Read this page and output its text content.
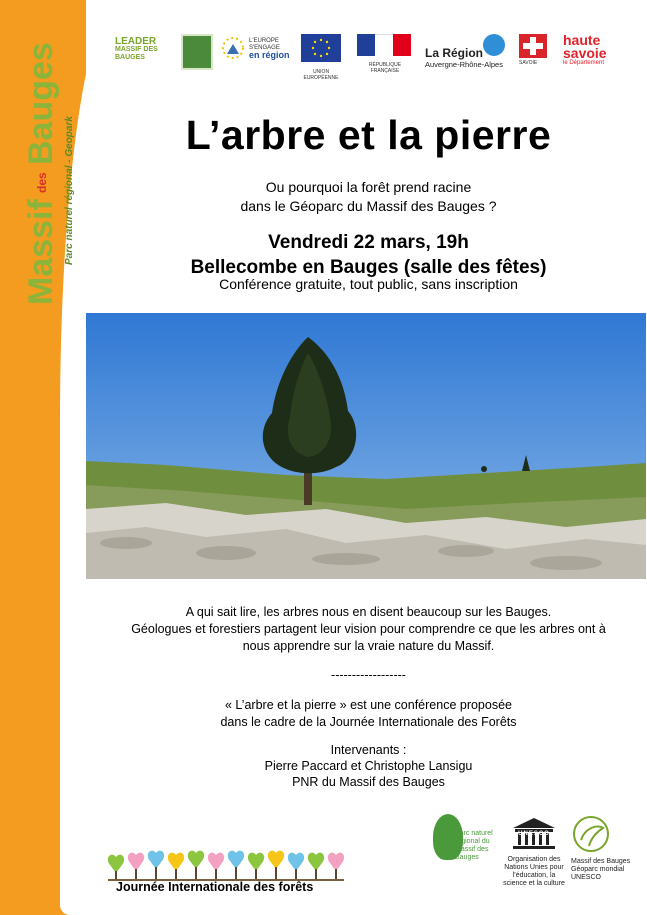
Massif
des
Bauges
Parc naturel régional - Geopark
LEADER
MASSIF DES
BAUGES
L'EUROPE S'ENGAGE
en région
UNION EUROPÉENNE
RÉPUBLIQUE FRANÇAISE
La Région
Auvergne-Rhône-Alpes	SAVOIE
haute
savoie
le Département
L’arbre et la pierre
Ou pourquoi la forêt prend racine
dans le Géoparc du Massif des Bauges ?
Vendredi 22 mars, 19h
Bellecombe en Bauges (salle des fêtes)
Conférence gratuite, tout public, sans inscription
A qui sait lire, les arbres nous en disent beaucoup sur les Bauges.
Géologues et forestiers partagent leur vision pour comprendre ce que les arbres ont à
nous apprendre sur la vraie nature du Massif.
------------------
« L’arbre et la pierre » est une conférence proposée
dans le cadre de la Journée Internationale des Forêts
Intervenants :
Pierre Paccard et Christophe Lansigu
PNR du Massif des Bauges
Journée Internationale des forêts
Parc naturel régional du Massif des Bauges
UNESCO
Organisation des Nations Unies pour l’éducation, la science et la culture
Massif des Bauges Géoparc mondial UNESCO
